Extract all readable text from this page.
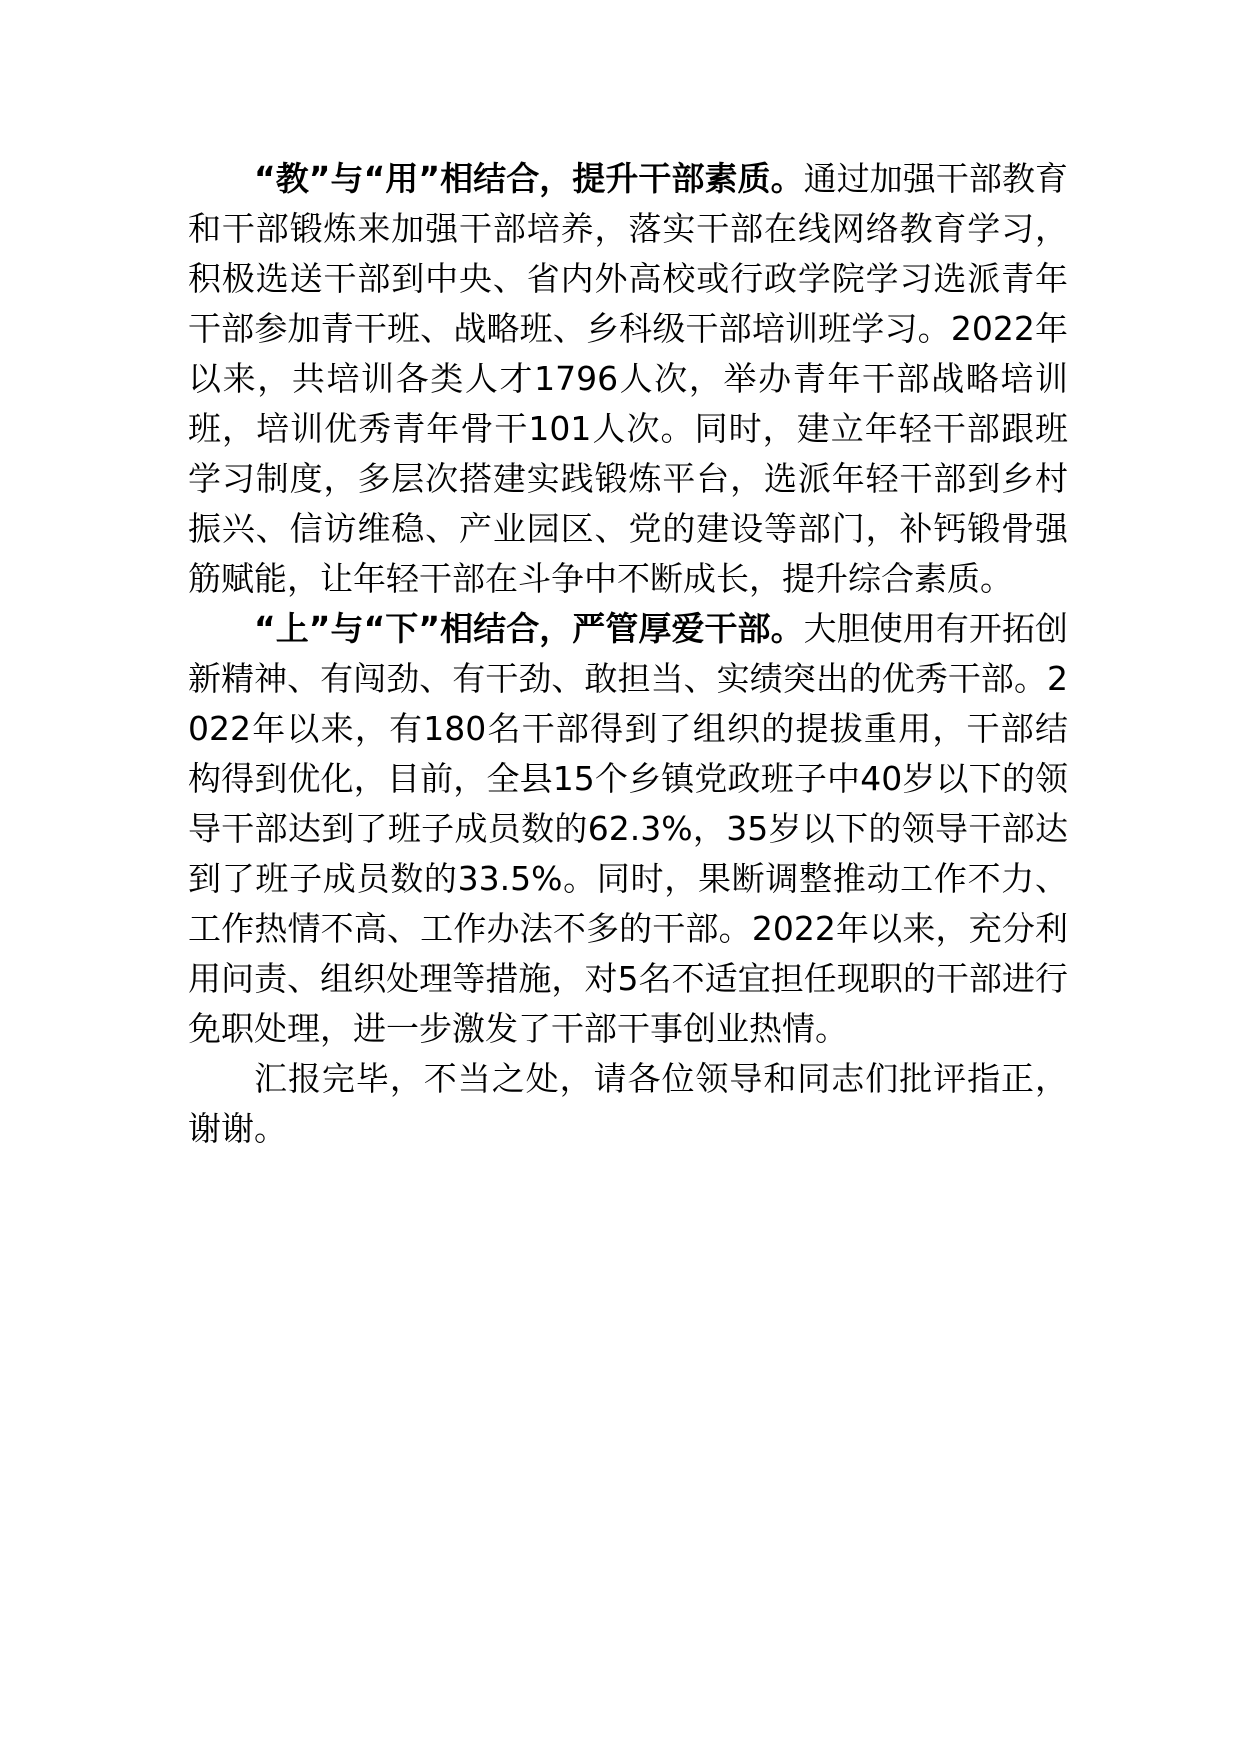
“教”与“用”相结合，提升干部素质。通过加强干部教育和干部锻炼来加强干部培养，落实干部在线网络教育学习，积极选送干部到中央、省内外高校或行政学院学习选派青年干部参加青干班、战略班、乡科级干部培训班学习。2022年以来，共培训各类人才1796人次，举办青年干部战略培训班，培训优秀青年骨干101人次。同时，建立年轻干部跟班学习制度，多层次搭建实践锻炼平台，选派年轻干部到乡村振兴、信访维稳、产业园区、党的建设等部门，补钙锻骨强筋赋能，让年轻干部在斗争中不断成长，提升综合素质。

“上”与“下”相结合，严管厚爱干部。大胆使用有开拓创新精神、有闯劲、有干劲、敢担当、实绩突出的优秀干部。2022年以来，有180名干部得到了组织的提拔重用，干部结构得到优化，目前，全县15个乡镇党政班子中40岁以下的领导干部达到了班子成员数的62.3%，35岁以下的领导干部达到了班子成员数的33.5%。同时，果断调整推动工作不力、工作热情不高、工作办法不多的干部。2022年以来，充分利用问责、组织处理等措施，对5名不适宜担任现职的干部进行免职处理，进一步激发了干部干事创业热情。

汇报完毕，不当之处，请各位领导和同志们批评指正，谢谢。
